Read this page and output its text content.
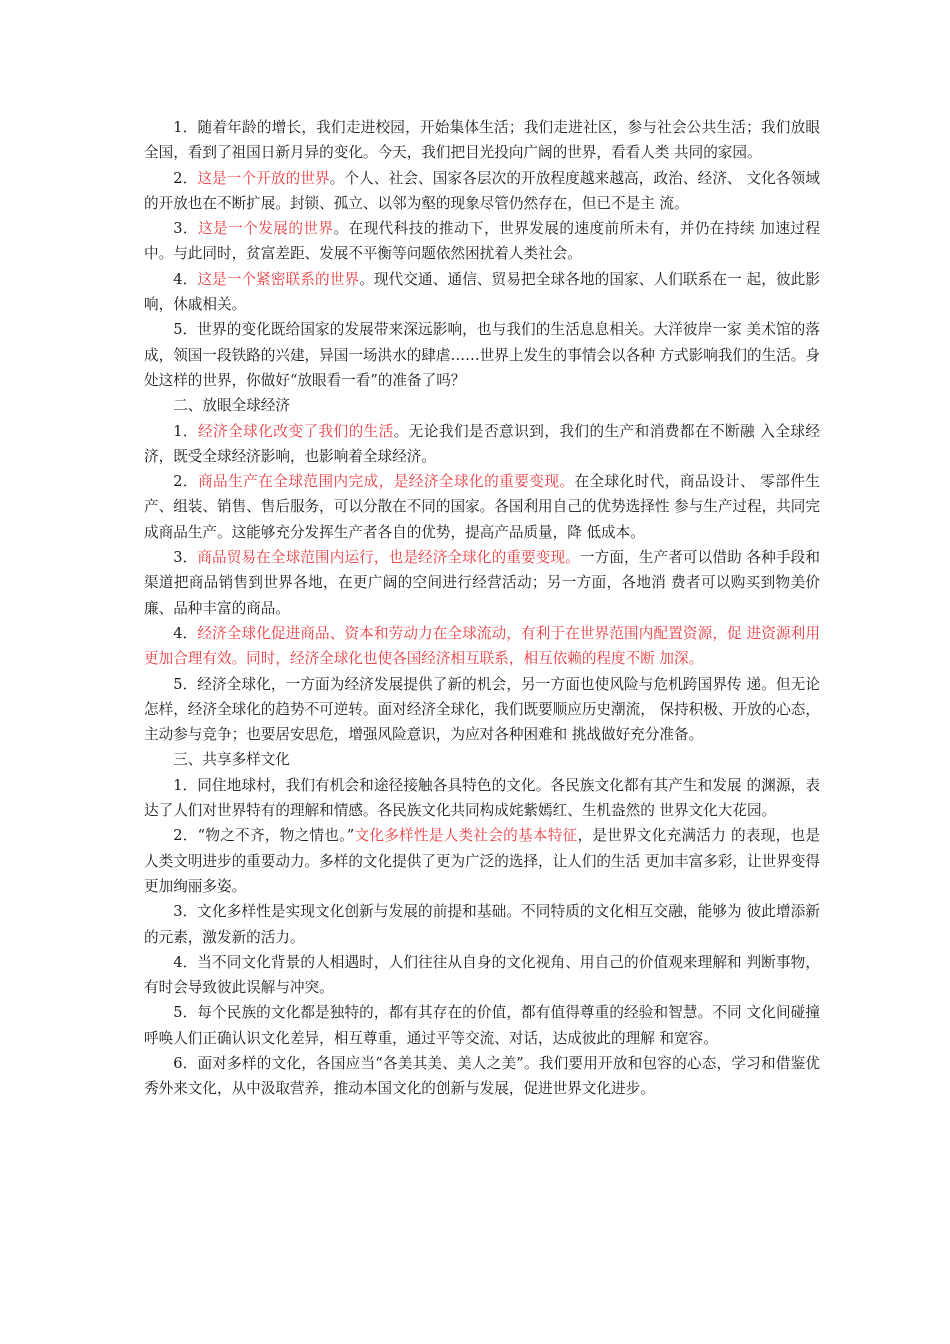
1．随着年龄的增长，我们走进校园，开始集体生活；我们走进社区，参与社会公共生活；我们放眼全国，看到了祖国日新月异的变化。今天，我们把目光投向广阔的世界，看看人类 共同的家园。

2．这是一个开放的世界。个人、社会、国家各层次的开放程度越来越高，政治、经济、 文化各领域的开放也在不断扩展。封锁、孤立、以邻为壑的现象尽管仍然存在，但已不是主 流。

3．这是一个发展的世界。在现代科技的推动下，世界发展的速度前所未有，并仍在持续 加速过程中。与此同时，贫富差距、发展不平衡等问题依然困扰着人类社会。

4．这是一个紧密联系的世界。现代交通、通信、贸易把全球各地的国家、人们联系在一 起，彼此影响，休戚相关。

5．世界的变化既给国家的发展带来深远影响，也与我们的生活息息相关。大洋彼岸一家 美术馆的落成，领国一段铁路的兴建，异国一场洪水的肆虐……世界上发生的事情会以各种 方式影响我们的生活。身处这样的世界，你做好“放眼看一看”的准备了吗？

二、放眼全球经济

1．经济全球化改变了我们的生活。无论我们是否意识到，我们的生产和消费都在不断融 入全球经济，既受全球经济影响，也影响着全球经济。

2．商品生产在全球范围内完成，是经济全球化的重要变现。在全球化时代，商品设计、 零部件生产、组装、销售、售后服务，可以分散在不同的国家。各国利用自己的优势选择性 参与生产过程，共同完成商品生产。这能够充分发挥生产者各自的优势，提高产品质量，降 低成本。

3．商品贸易在全球范围内运行，也是经济全球化的重要变现。一方面，生产者可以借助 各种手段和渠道把商品销售到世界各地，在更广阔的空间进行经营活动；另一方面，各地消 费者可以购买到物美价廉、品种丰富的商品。

4．经济全球化促进商品、资本和劳动力在全球流动，有利于在世界范围内配置资源，促 进资源利用更加合理有效。同时，经济全球化也使各国经济相互联系，相互依赖的程度不断 加深。

5．经济全球化，一方面为经济发展提供了新的机会，另一方面也使风险与危机跨国界传 递。但无论怎样，经济全球化的趋势不可逆转。面对经济全球化，我们既要顺应历史潮流， 保持积极、开放的心态，主动参与竞争；也要居安思危，增强风险意识，为应对各种困难和 挑战做好充分准备。

三、共享多样文化

1．同住地球村，我们有机会和途径接触各具特色的文化。各民族文化都有其产生和发展 的渊源，表达了人们对世界特有的理解和情感。各民族文化共同构成姹紫嫣红、生机盎然的 世界文化大花园。

2．“物之不齐，物之情也。”文化多样性是人类社会的基本特征，是世界文化充满活力 的表现，也是人类文明进步的重要动力。多样的文化提供了更为广泛的选择，让人们的生活 更加丰富多彩，让世界变得更加绚丽多姿。

3．文化多样性是实现文化创新与发展的前提和基础。不同特质的文化相互交融，能够为 彼此增添新的元素，激发新的活力。

4．当不同文化背景的人相遇时，人们往往从自身的文化视角、用自己的价值观来理解和 判断事物，有时会导致彼此误解与冲突。

5．每个民族的文化都是独特的，都有其存在的价值，都有值得尊重的经验和智慧。不同 文化间碰撞呼唤人们正确认识文化差异，相互尊重，通过平等交流、对话，达成彼此的理解 和宽容。

6．面对多样的文化，各国应当“各美其美、美人之美”。我们要用开放和包容的心态，学习和借鉴优秀外来文化，从中汲取营养，推动本国文化的创新与发展，促进世界文化进步。
